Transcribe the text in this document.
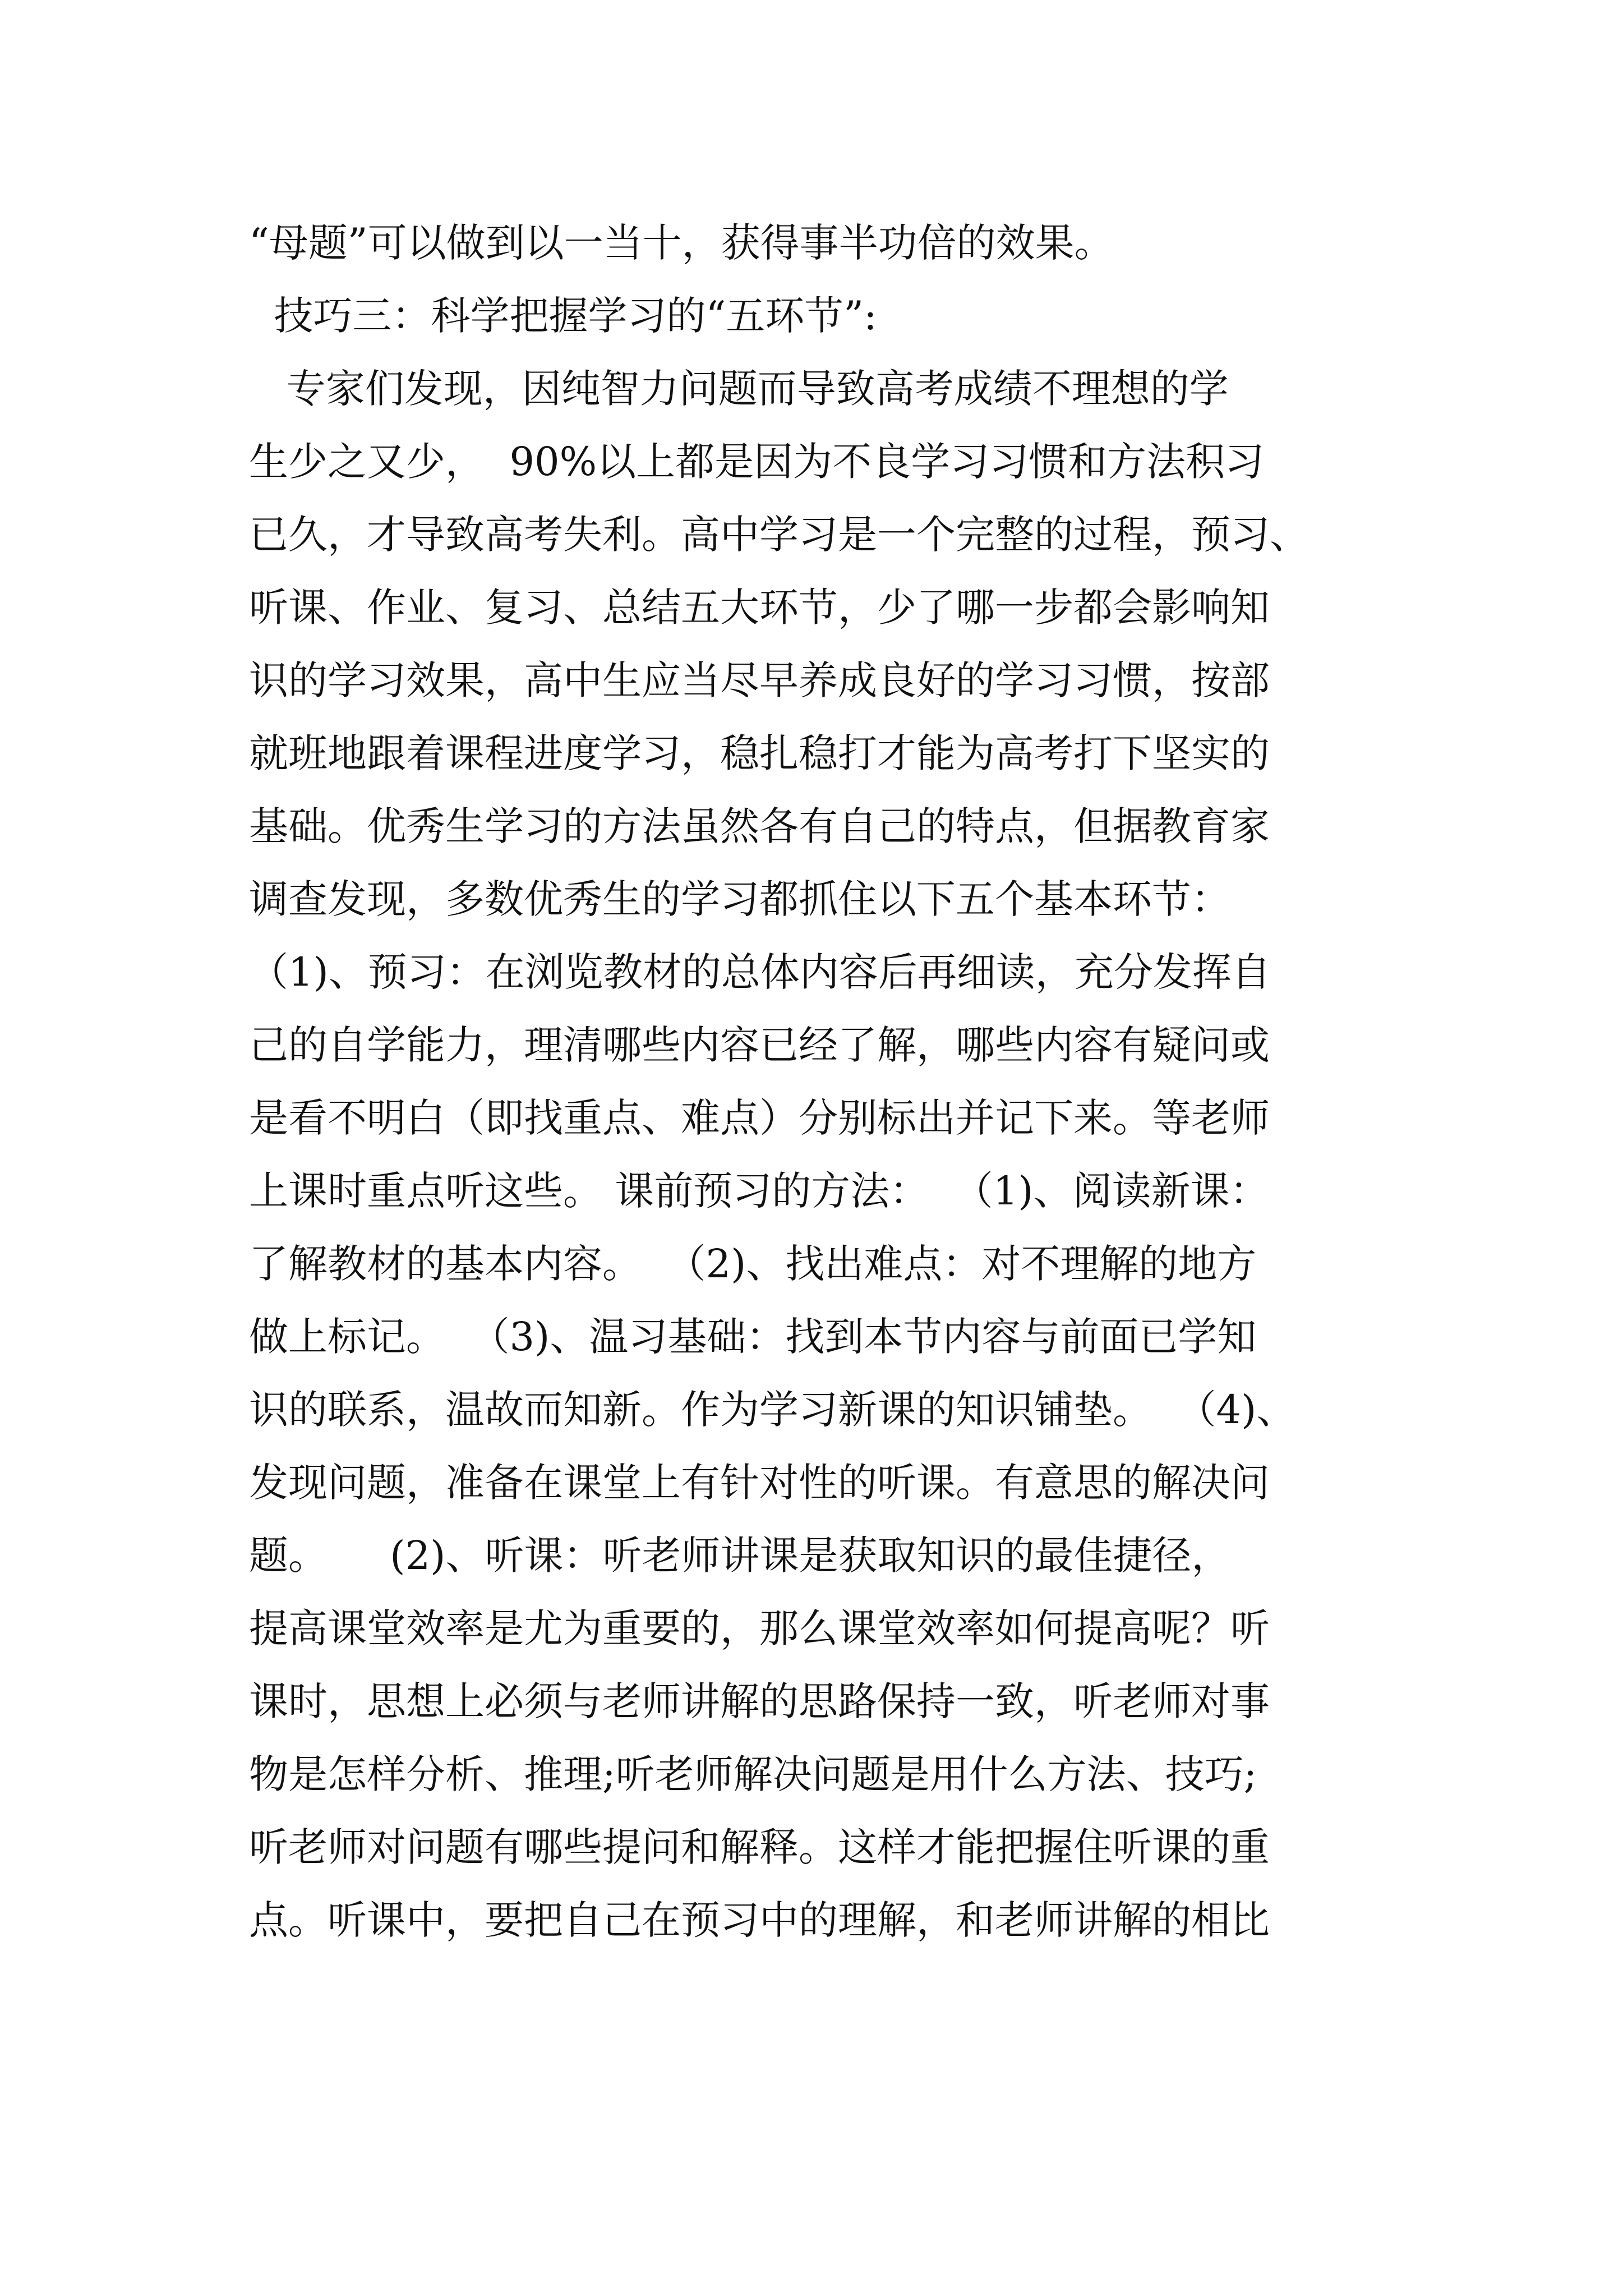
“母题”可以做到以一当十，获得事半功倍的效果。
技巧三：科学把握学习的“五环节”:
专家们发现，因纯智力问题而导致高考成绩不理想的学
生少之又少，  90%以上都是因为不良学习习惯和方法积习
已久，才导致高考失利。高中学习是一个完整的过程，预习、
听课、作业、复习、总结五大环节，少了哪一步都会影响知
识的学习效果，高中生应当尽早养成良好的学习习惯，按部
就班地跟着课程进度学习，稳扎稳打才能为高考打下坚实的
基础。优秀生学习的方法虽然各有自己的特点，但据教育家
调查发现，多数优秀生的学习都抓住以下五个基本环节：
（1)、预习：在浏览教材的总体内容后再细读，充分发挥自
己的自学能力，理清哪些内容已经了解，哪些内容有疑问或
是看不明白（即找重点、难点）分别标出并记下来。等老师
上课时重点听这些。 课前预习的方法：  （1)、阅读新课：
了解教材的基本内容。  （2)、找出难点：对不理解的地方
做上标记。  （3)、温习基础：找到本节内容与前面已学知
识的联系，温故而知新。作为学习新课的知识铺垫。  （4)、
发现问题，准备在课堂上有针对性的听课。有意思的解决问
题。     (2)、听课：听老师讲课是获取知识的最佳捷径，
提高课堂效率是尤为重要的，那么课堂效率如何提高呢？听
课时，思想上必须与老师讲解的思路保持一致，听老师对事
物是怎样分析、推理;听老师解决问题是用什么方法、技巧;
听老师对问题有哪些提问和解释。这样才能把握住听课的重
点。听课中，要把自己在预习中的理解，和老师讲解的相比
